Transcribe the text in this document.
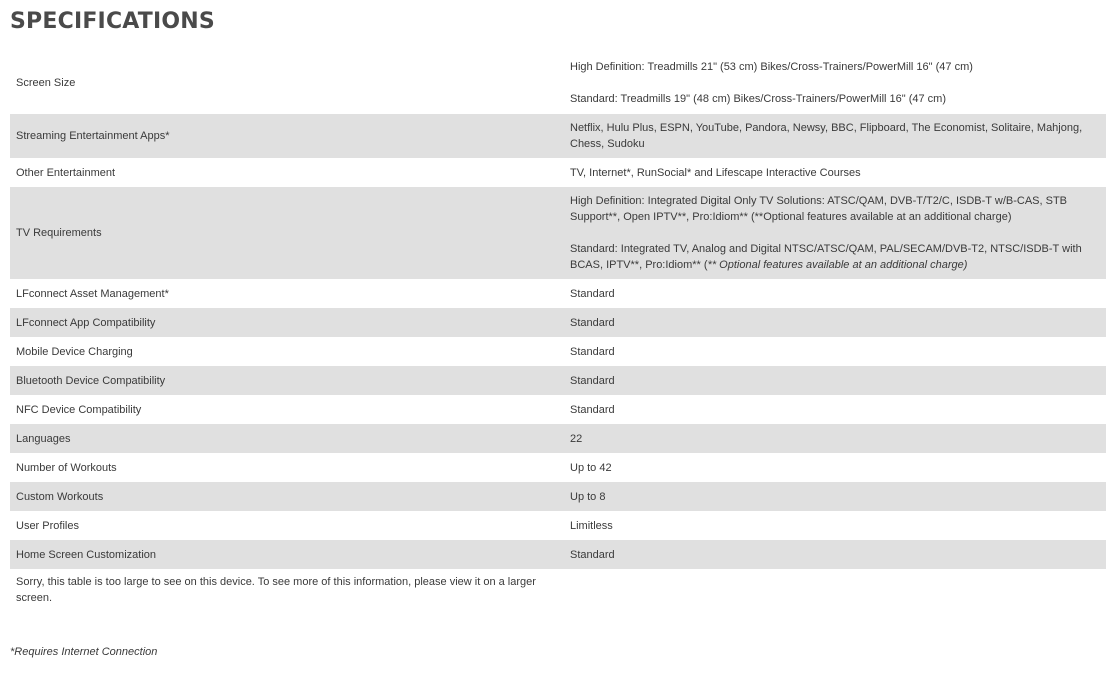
SPECIFICATIONS
Screen Size	High Definition: Treadmills 21" (53 cm) Bikes/Cross-Trainers/PowerMill 16" (47 cm)
Standard: Treadmills 19" (48 cm) Bikes/Cross-Trainers/PowerMill 16" (47 cm)

Streaming Entertainment Apps*	Netflix, Hulu Plus, ESPN, YouTube, Pandora, Newsy, BBC, Flipboard, The Economist, Solitaire, Mahjong, Chess, Sudoku
Other Entertainment	TV, Internet*, RunSocial* and Lifescape Interactive Courses
TV Requirements	High Definition: Integrated Digital Only TV Solutions: ATSC/QAM, DVB-T/T2/C, ISDB-T w/B-CAS, STB Support**, Open IPTV**, Pro:Idiom** (**Optional features available at an additional charge)
Standard: Integrated TV, Analog and Digital NTSC/ATSC/QAM, PAL/SECAM/DVB-T2, NTSC/ISDB-T with BCAS, IPTV**, Pro:Idiom** (** Optional features available at an additional charge)

LFconnect Asset Management*	Standard
LFconnect App Compatibility	Standard
Mobile Device Charging	Standard
Bluetooth Device Compatibility	Standard
NFC Device Compatibility	Standard
Languages	22
Number of Workouts	Up to 42
Custom Workouts	Up to 8
User Profiles	Limitless
Home Screen Customization	Standard
Sorry, this table is too large to see on this device. To see more of this information, please view it on a larger screen.
*Requires Internet Connection
